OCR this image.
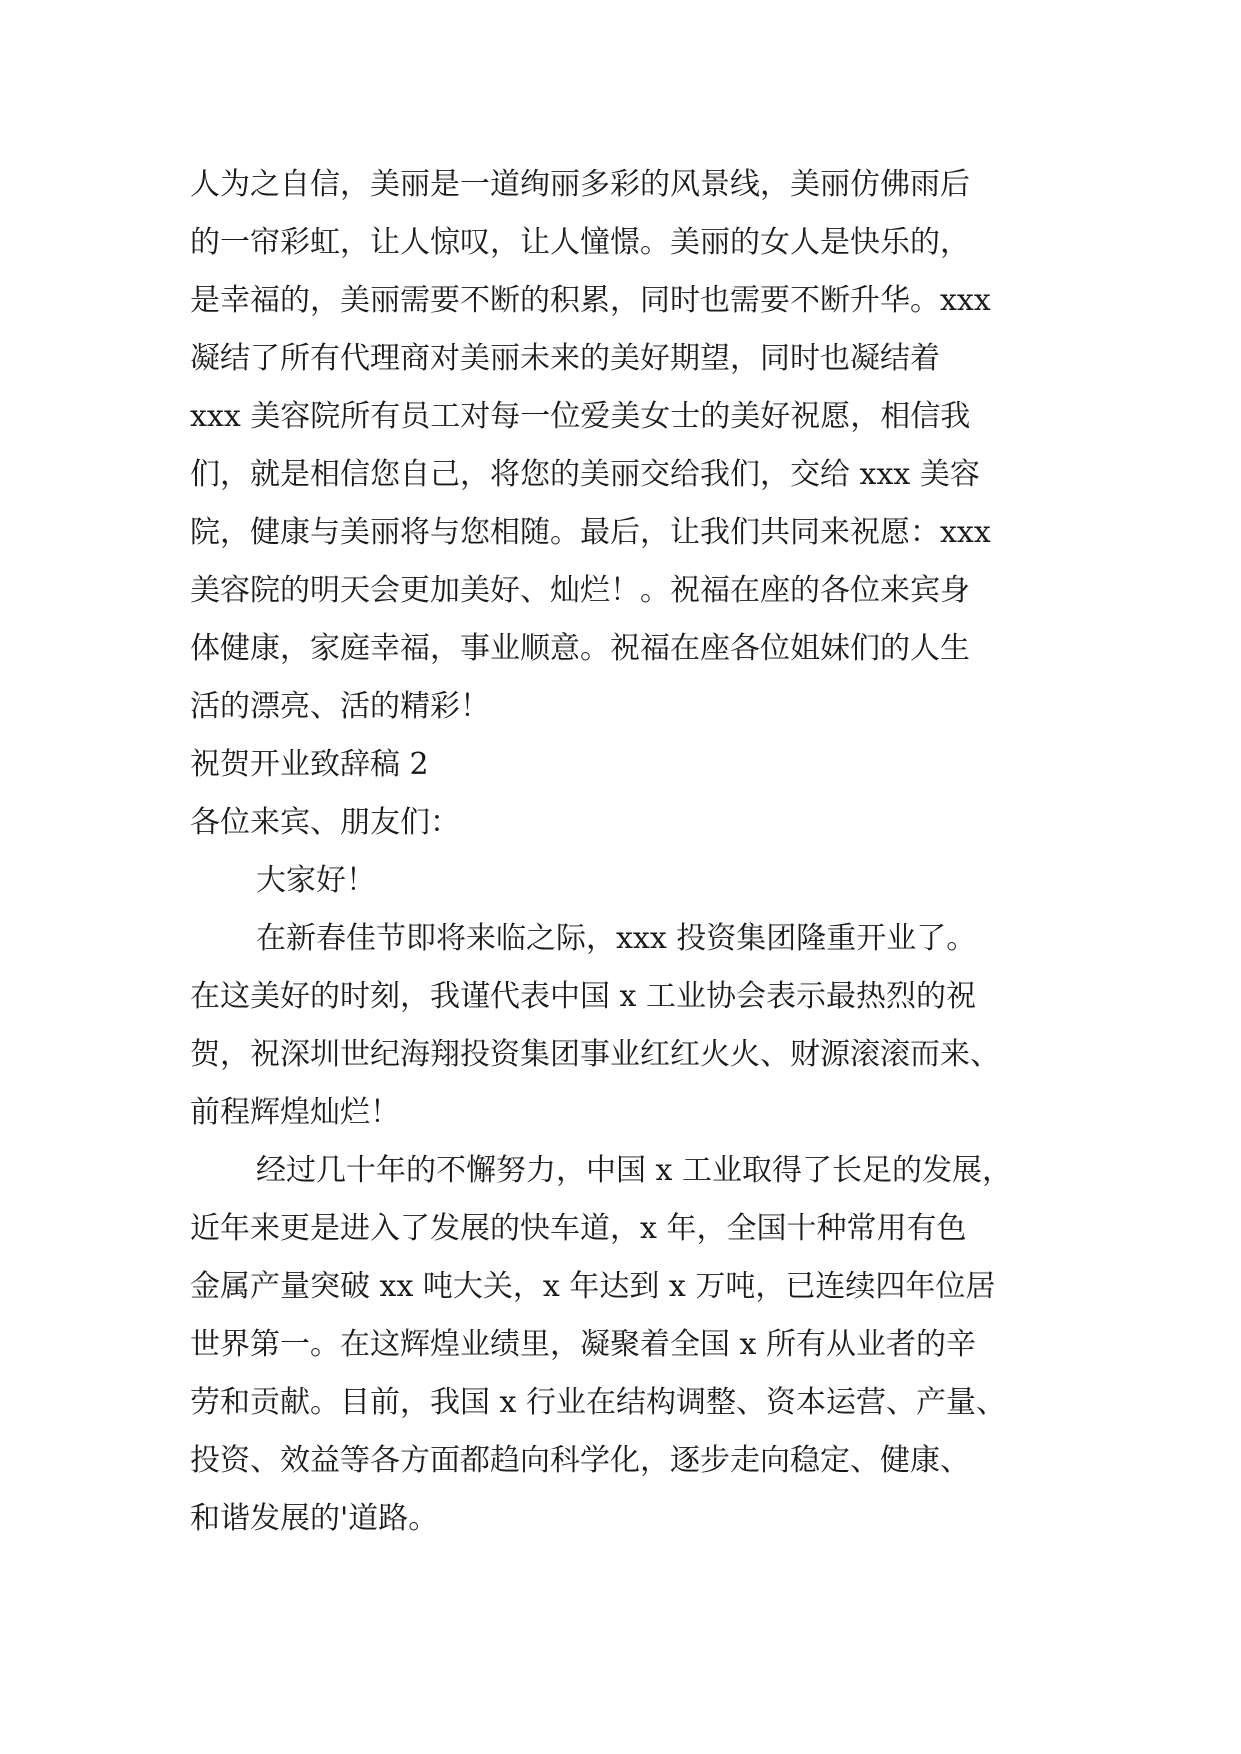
人为之自信，美丽是一道绚丽多彩的风景线，美丽仿佛雨后

的一帘彩虹，让人惊叹，让人憧憬。美丽的女人是快乐的，

是幸福的，美丽需要不断的积累，同时也需要不断升华。xxx

凝结了所有代理商对美丽未来的美好期望，同时也凝结着

xxx 美容院所有员工对每一位爱美女士的美好祝愿，相信我

们，就是相信您自己，将您的美丽交给我们，交给 xxx 美容

院，健康与美丽将与您相随。最后，让我们共同来祝愿：xxx

美容院的明天会更加美好、灿烂！。祝福在座的各位来宾身

体健康，家庭幸福，事业顺意。祝福在座各位姐妹们的人生

活的漂亮、活的精彩！

祝贺开业致辞稿 2

各位来宾、朋友们：

大家好！

在新春佳节即将来临之际，xxx 投资集团隆重开业了。

在这美好的时刻，我谨代表中国 x 工业协会表示最热烈的祝

贺，祝深圳世纪海翔投资集团事业红红火火、财源滚滚而来、

前程辉煌灿烂！

经过几十年的不懈努力，中国 x 工业取得了长足的发展，

近年来更是进入了发展的快车道，x 年，全国十种常用有色

金属产量突破 xx 吨大关，x 年达到 x 万吨，已连续四年位居

世界第一。在这辉煌业绩里，凝聚着全国 x 所有从业者的辛

劳和贡献。目前，我国 x 行业在结构调整、资本运营、产量、

投资、效益等各方面都趋向科学化，逐步走向稳定、健康、

和谐发展的'道路。
